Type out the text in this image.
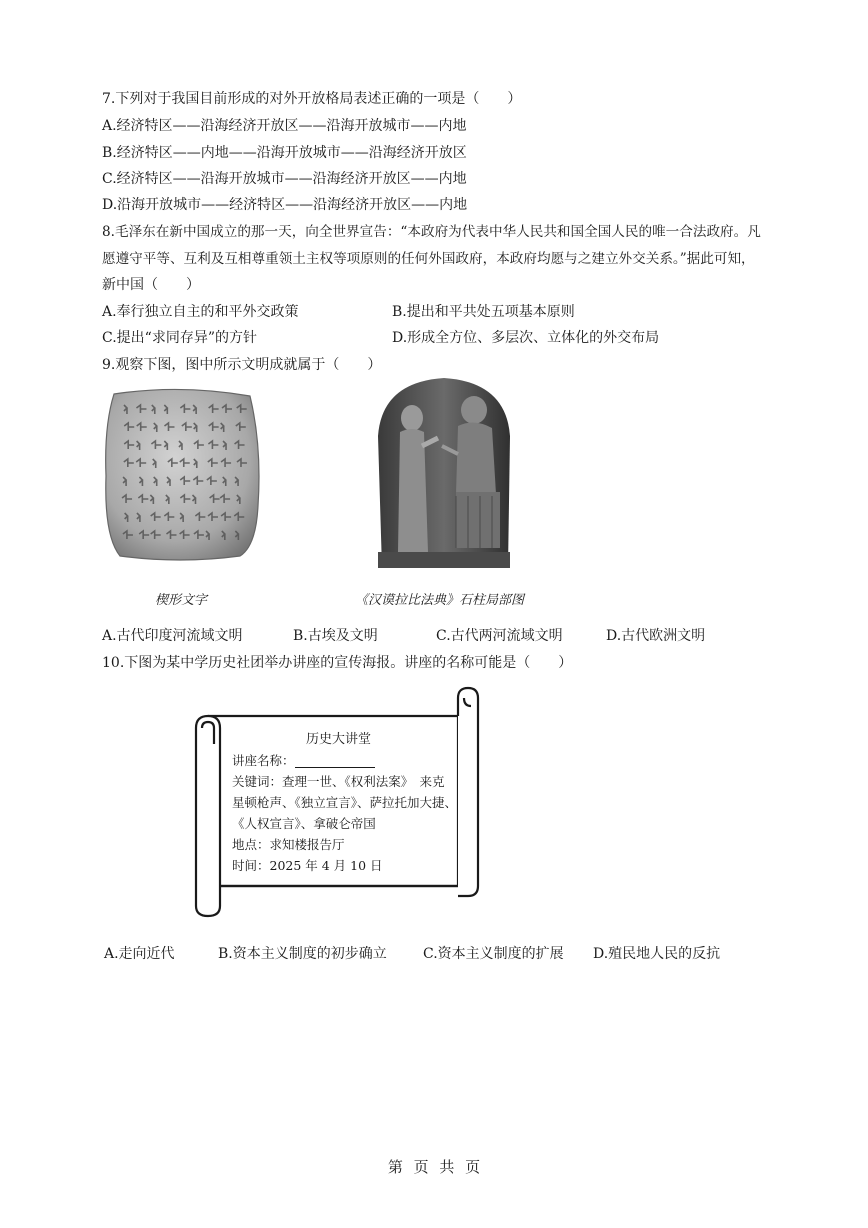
7.下列对于我国目前形成的对外开放格局表述正确的一项是（　　）
A.经济特区——沿海经济开放区——沿海开放城市——内地
B.经济特区——内地——沿海开放城市——沿海经济开放区
C.经济特区——沿海开放城市——沿海经济开放区——内地
D.沿海开放城市——经济特区——沿海经济开放区——内地
8.毛泽东在新中国成立的那一天，向全世界宣告：“本政府为代表中华人民共和国全国人民的唯一合法政府。凡
愿遵守平等、互利及互相尊重领土主权等项原则的任何外国政府，本政府均愿与之建立外交关系。”据此可知，
新中国（　　）
A.奉行独立自主的和平外交政策	B.提出和平共处五项基本原则
C.提出“求同存异”的方针	D.形成全方位、多层次、立体化的外交布局
9.观察下图，图中所示文明成就属于（　　）
楔形文字	《汉谟拉比法典》石柱局部图
A.古代印度河流域文明	B.古埃及文明	C.古代两河流域文明	D.古代欧洲文明
10.下图为某中学历史社团举办讲座的宣传海报。讲座的名称可能是（　　）
历史大讲堂
讲座名称：
关键词：查理一世、《权利法案》　来克
星顿枪声、《独立宣言》、萨拉托加大捷、
《人权宣言》、拿破仑帝国
地点：求知楼报告厅
时间：2025 年 4 月 10 日
A.走向近代	B.资本主义制度的初步确立	C.资本主义制度的扩展 D.殖民地人民的反抗
第 页 共 页
